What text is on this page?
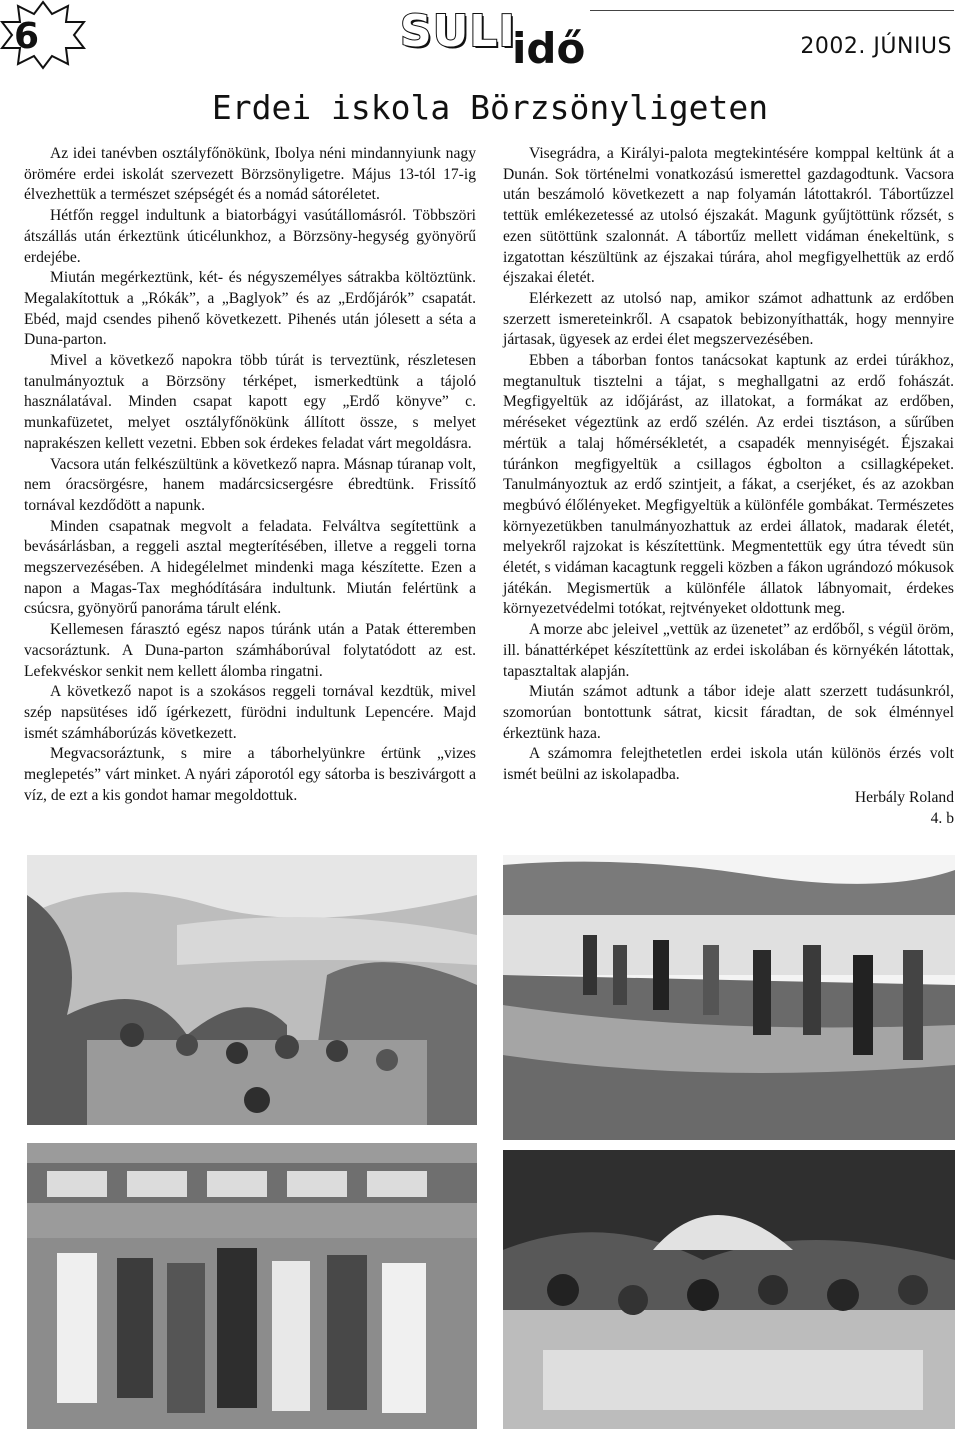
6	SULI
idő	2002. JÚNIUS
Erdei iskola Börzsönyligeten

Az idei tanévben osztályfőnökünk, Ibolya néni mindannyiunk nagy örömére erdei iskolát szervezett Börzsönyligetre. Május 13-tól 17-ig élvezhettük a természet szépségét és a nomád sátoréletet.

Hétfőn reggel indultunk a biatorbágyi vasútállomásról. Többszöri átszállás után érkeztünk úticélunkhoz, a Börzsöny-hegység gyönyörű erdejébe.

Miután megérkeztünk, két- és négyszemélyes sátrakba költöztünk. Megalakítottuk a „Rókák”, a „Baglyok” és az „Erdőjárók” csapatát. Ebéd, majd csendes pihenő következett. Pihenés után jólesett a séta a Duna-parton.

Mivel a következő napokra több túrát is terveztünk, részletesen tanulmányoztuk a Börzsöny térképet, ismerkedtünk a tájoló használatával. Minden csapat kapott egy „Erdő könyve” c. munkafüzetet, melyet osztályfőnökünk állított össze, s melyet naprakészen kellett vezetni. Ebben sok érdekes feladat várt megoldásra.

Vacsora után felkészültünk a következő napra. Másnap túranap volt, nem óracsörgésre, hanem madárcsicsergésre ébredtünk. Frissítő tornával kezdődött a napunk.

Minden csapatnak megvolt a feladata. Felváltva segítettünk a bevásárlásban, a reggeli asztal megterítésében, illetve a reggeli torna megszervezésében. A hidegélelmet mindenki maga készítette. Ezen a napon a Magas-Tax meghódítására indultunk. Miután felértünk a csúcsra, gyönyörű panoráma tárult elénk.

Kellemesen fárasztó egész napos túránk után a Patak étteremben vacsoráztunk. A Duna-parton számháborúval folytatódott az est. Lefekvéskor senkit nem kellett álomba ringatni.

A következő napot is a szokásos reggeli tornával kezdtük, mivel szép napsütéses idő ígérkezett, fürödni indultunk Lepencére. Majd ismét számháborúzás következett.

Megvacsoráztunk, s mire a táborhelyünkre értünk „vizes meglepetés” várt minket. A nyári záporotól egy sátorba is beszivárgott a víz, de ezt a kis gondot hamar megoldottuk.

Visegrádra, a Királyi-palota megtekintésére komppal keltünk át a Dunán. Sok történelmi vonatkozású ismerettel gazdagodtunk. Vacsora után beszámoló következett a nap folyamán látottakról. Tábortűzzel tettük emlékezetessé az utolsó éjszakát. Magunk gyűjtöttünk rőzsét, s ezen sütöttünk szalonnát. A tábortűz mellett vidáman énekeltünk, s izgatottan készültünk az éjszakai túrára, ahol megfigyelhettük az erdő éjszakai életét.

Elérkezett az utolsó nap, amikor számot adhattunk az erdőben szerzett ismereteinkről. A csapatok bebizonyíthatták, hogy mennyire jártasak, ügyesek az erdei élet megszervezésében.

Ebben a táborban fontos tanácsokat kaptunk az erdei túrákhoz, megtanultuk tisztelni a tájat, s meghallgatni az erdő fohászát. Megfigyeltük az időjárást, az illatokat, a formákat az erdőben, méréseket végeztünk az erdő szélén. Az erdei tisztáson, a sűrűben mértük a talaj hőmérsékletét, a csapadék mennyiségét. Éjszakai túránkon megfigyeltük a csillagos égbolton a csillagképeket. Tanulmányoztuk az erdő szintjeit, a fákat, a cserjéket, és az azokban megbúvó élőlényeket. Megfigyeltük a különféle gombákat. Természetes környezetükben tanulmányozhattuk az erdei állatok, madarak életét, melyekről rajzokat is készítettünk. Megmentettük egy útra tévedt sün életét, s vidáman kacagtunk reggeli közben a fákon ugrándozó mókusok játékán. Megismertük a különféle állatok lábnyomait, érdekes környezetvédelmi totókat, rejtvényeket oldottunk meg.

A morze abc jeleivel „vettük az üzenetet” az erdőből, s végül öröm, ill. bánattérképet készítettünk az erdei iskolában és környékén látottak, tapasztaltak alapján.

Miután számot adtunk a tábor ideje alatt szerzett tudásunkról, szomorúan bontottunk sátrat, kicsit fáradtan, de sok élménnyel érkeztünk haza.

A számomra felejthetetlen erdei iskola után különös érzés volt ismét beülni az iskolapadba.

Herbály Roland
4. b
